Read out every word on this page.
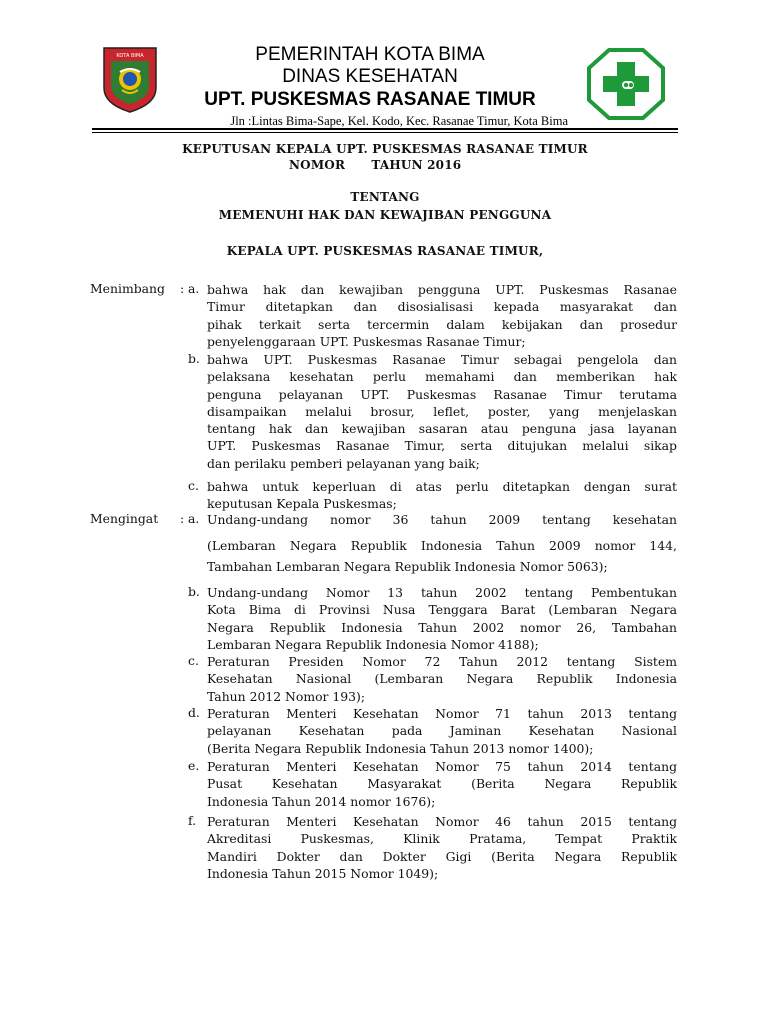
KOTA BIMA	PEMERINTAH KOTA BIMA
DINAS KESEHATAN
UPT. PUSKESMAS RASANAE TIMUR
Jln :Lintas Bima-Sape, Kel. Kodo, Kec. Rasanae Timur, Kota Bima
KEPUTUSAN KEPALA UPT. PUSKESMAS RASANAE TIMUR
NOMOR      TAHUN 2016
TENTANG
MEMENUHI HAK DAN KEWAJIBAN PENGGUNA
KEPALA UPT. PUSKESMAS RASANAE TIMUR,
Menimbang :
Mengingat :
a. bahwa hak dan kewajiban pengguna UPT. Puskesmas Rasanae
Timur ditetapkan dan disosialisasi kepada masyarakat dan
pihak terkait serta tercermin dalam kebijakan dan prosedur
penyelenggaraan UPT. Puskesmas Rasanae Timur;
b. bahwa UPT. Puskesmas Rasanae Timur sebagai pengelola dan
pelaksana kesehatan perlu memahami dan memberikan hak
penguna pelayanan UPT. Puskesmas Rasanae Timur terutama
disampaikan melalui brosur, leflet, poster, yang menjelaskan
tentang hak dan kewajiban sasaran atau penguna jasa layanan
UPT. Puskesmas Rasanae Timur, serta ditujukan melalui sikap
dan perilaku pemberi pelayanan yang baik;
c. bahwa untuk keperluan di atas perlu ditetapkan dengan surat
keputusan Kepala Puskesmas;
a. Undang-undang nomor 36 tahun 2009 tentang kesehatan
(Lembaran Negara Republik Indonesia Tahun 2009 nomor 144,
Tambahan Lembaran Negara Republik Indonesia Nomor 5063);
b. Undang-undang Nomor 13 tahun 2002 tentang Pembentukan
Kota Bima di Provinsi Nusa Tenggara Barat (Lembaran Negara
Negara Republik Indonesia Tahun 2002 nomor 26, Tambahan
Lembaran Negara Republik Indonesia Nomor 4188);
c. Peraturan Presiden Nomor 72 Tahun 2012 tentang Sistem
Kesehatan Nasional (Lembaran Negara Republik Indonesia
Tahun 2012 Nomor 193);
d. Peraturan Menteri Kesehatan Nomor 71 tahun 2013 tentang
pelayanan Kesehatan pada Jaminan Kesehatan Nasional
(Berita Negara Republik Indonesia Tahun 2013 nomor 1400);
e. Peraturan Menteri Kesehatan Nomor 75 tahun 2014 tentang
Pusat Kesehatan Masyarakat (Berita Negara Republik
Indonesia Tahun 2014 nomor 1676);
f. Peraturan Menteri Kesehatan Nomor 46 tahun 2015 tentang
Akreditasi Puskesmas, Klinik Pratama, Tempat Praktik
Mandiri Dokter dan Dokter Gigi (Berita Negara Republik
Indonesia Tahun 2015 Nomor 1049);
